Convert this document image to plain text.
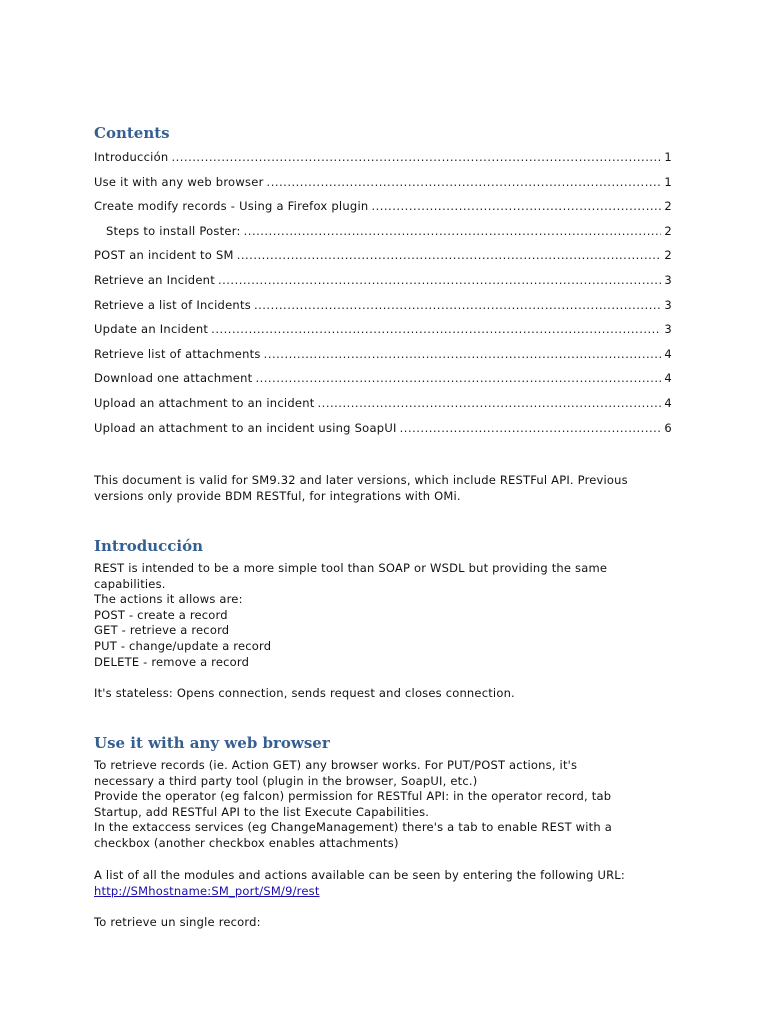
Contents
Introducción .....	1
Use it with any web browser .....	1
Create modify records - Using a Firefox plugin .....	2
Steps to install Poster: .....	2
POST an incident to SM .....	2
Retrieve an Incident .....	3
Retrieve a list of Incidents .....	3
Update an Incident .....	3
Retrieve list of attachments .....	4
Download one attachment .....	4
Upload an attachment to an incident .....	4
Upload an attachment to an incident using SoapUI .....	6
This document is valid for SM9.32 and later versions, which include RESTFul API. Previous
versions only provide BDM RESTful, for integrations with OMi.
Introducción
REST is intended to be a more simple tool than SOAP or WSDL but providing the same
capabilities.
The actions it allows are:
POST - create a record
GET - retrieve a record
PUT - change/update a record
DELETE - remove a record
It's stateless: Opens connection, sends request and closes connection.
Use it with any web browser
To retrieve records (ie. Action GET) any browser works. For PUT/POST actions, it's
necessary a third party tool (plugin in the browser, SoapUI, etc.)
Provide the operator (eg falcon) permission for RESTful API: in the operator record, tab
Startup, add RESTful API to the list Execute Capabilities.
In the extaccess services (eg ChangeManagement) there's a tab to enable REST with a
checkbox (another checkbox enables attachments)
A list of all the modules and actions available can be seen by entering the following URL:
http://SMhostname:SM_port/SM/9/rest
To retrieve un single record:
